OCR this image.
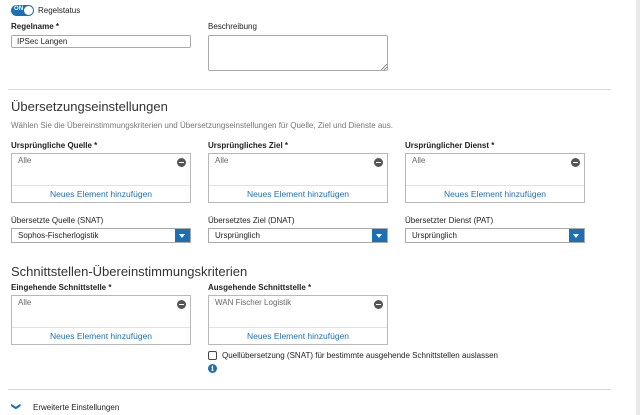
ON Regelstatus
Regelname *
IPSec Langen	Beschreibung
Übersetzungseinstellungen
Wählen Sie die Übereinstimmungskriterien und Übersetzungseinstellungen für Quelle, Ziel und Dienste aus.
Ursprüngliche Quelle *
Alle
Neues Element hinzufügen
Ursprüngliches Ziel *
Alle
Neues Element hinzufügen
Ursprünglicher Dienst *
Alle
Neues Element hinzufügen
Übersetzte Quelle (SNAT)
Sophos-Fischerlogistik
Übersetztes Ziel (DNAT)
Ursprünglich
Übersetzter Dienst (PAT)
Ursprünglich
Schnittstellen-Übereinstimmungskriterien
Eingehende Schnittstelle *
Alle
Neues Element hinzufügen
Ausgehende Schnittstelle *
WAN Fischer Logistik
Neues Element hinzufügen
Quellübersetzung (SNAT) für bestimmte ausgehende Schnittstellen auslassen
i
❯ Erweiterte Einstellungen
